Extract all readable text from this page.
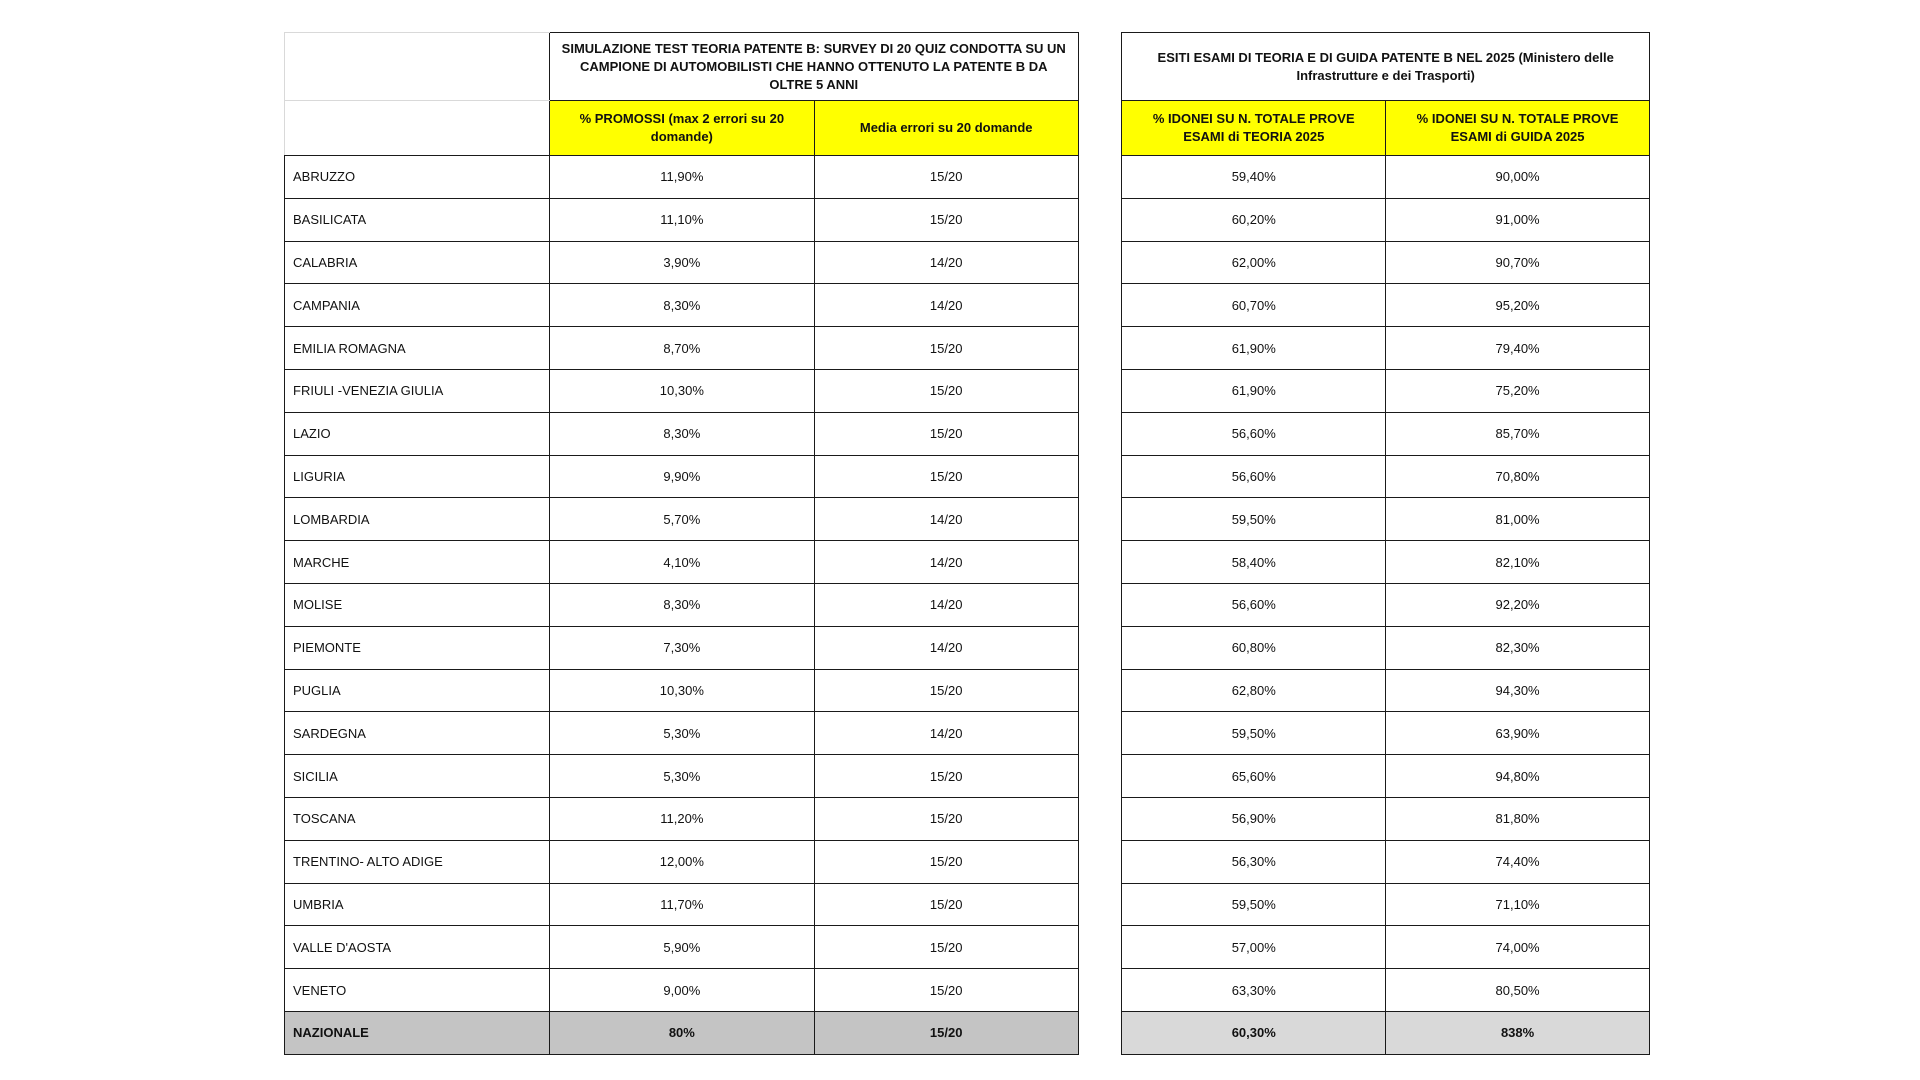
	SIMULAZIONE TEST TEORIA PATENTE B: SURVEY DI 20 QUIZ CONDOTTA SU UN CAMPIONE DI AUTOMOBILISTI CHE HANNO OTTENUTO LA PATENTE B DA OLTRE 5 ANNI			ESITI ESAMI DI TEORIA E DI GUIDA PATENTE B NEL 2025 (Ministero delle Infrastrutture e dei Trasporti)	
	% PROMOSSI (max 2 errori su 20 domande)	Media errori su 20 domande		% IDONEI SU N. TOTALE PROVE ESAMI di TEORIA 2025	% IDONEI SU N. TOTALE PROVE ESAMI di GUIDA 2025
ABRUZZO	11,90%	15/20		59,40%	90,00%
BASILICATA	11,10%	15/20		60,20%	91,00%
CALABRIA	3,90%	14/20		62,00%	90,70%
CAMPANIA	8,30%	14/20		60,70%	95,20%
EMILIA ROMAGNA	8,70%	15/20		61,90%	79,40%
FRIULI -VENEZIA GIULIA	10,30%	15/20		61,90%	75,20%
LAZIO	8,30%	15/20		56,60%	85,70%
LIGURIA	9,90%	15/20		56,60%	70,80%
LOMBARDIA	5,70%	14/20		59,50%	81,00%
MARCHE	4,10%	14/20		58,40%	82,10%
MOLISE	8,30%	14/20		56,60%	92,20%
PIEMONTE	7,30%	14/20		60,80%	82,30%
PUGLIA	10,30%	15/20		62,80%	94,30%
SARDEGNA	5,30%	14/20		59,50%	63,90%
SICILIA	5,30%	15/20		65,60%	94,80%
TOSCANA	11,20%	15/20		56,90%	81,80%
TRENTINO- ALTO ADIGE	12,00%	15/20		56,30%	74,40%
UMBRIA	11,70%	15/20		59,50%	71,10%
VALLE D'AOSTA	5,90%	15/20		57,00%	74,00%
VENETO	9,00%	15/20		63,30%	80,50%
NAZIONALE	80%	15/20		60,30%	838%
